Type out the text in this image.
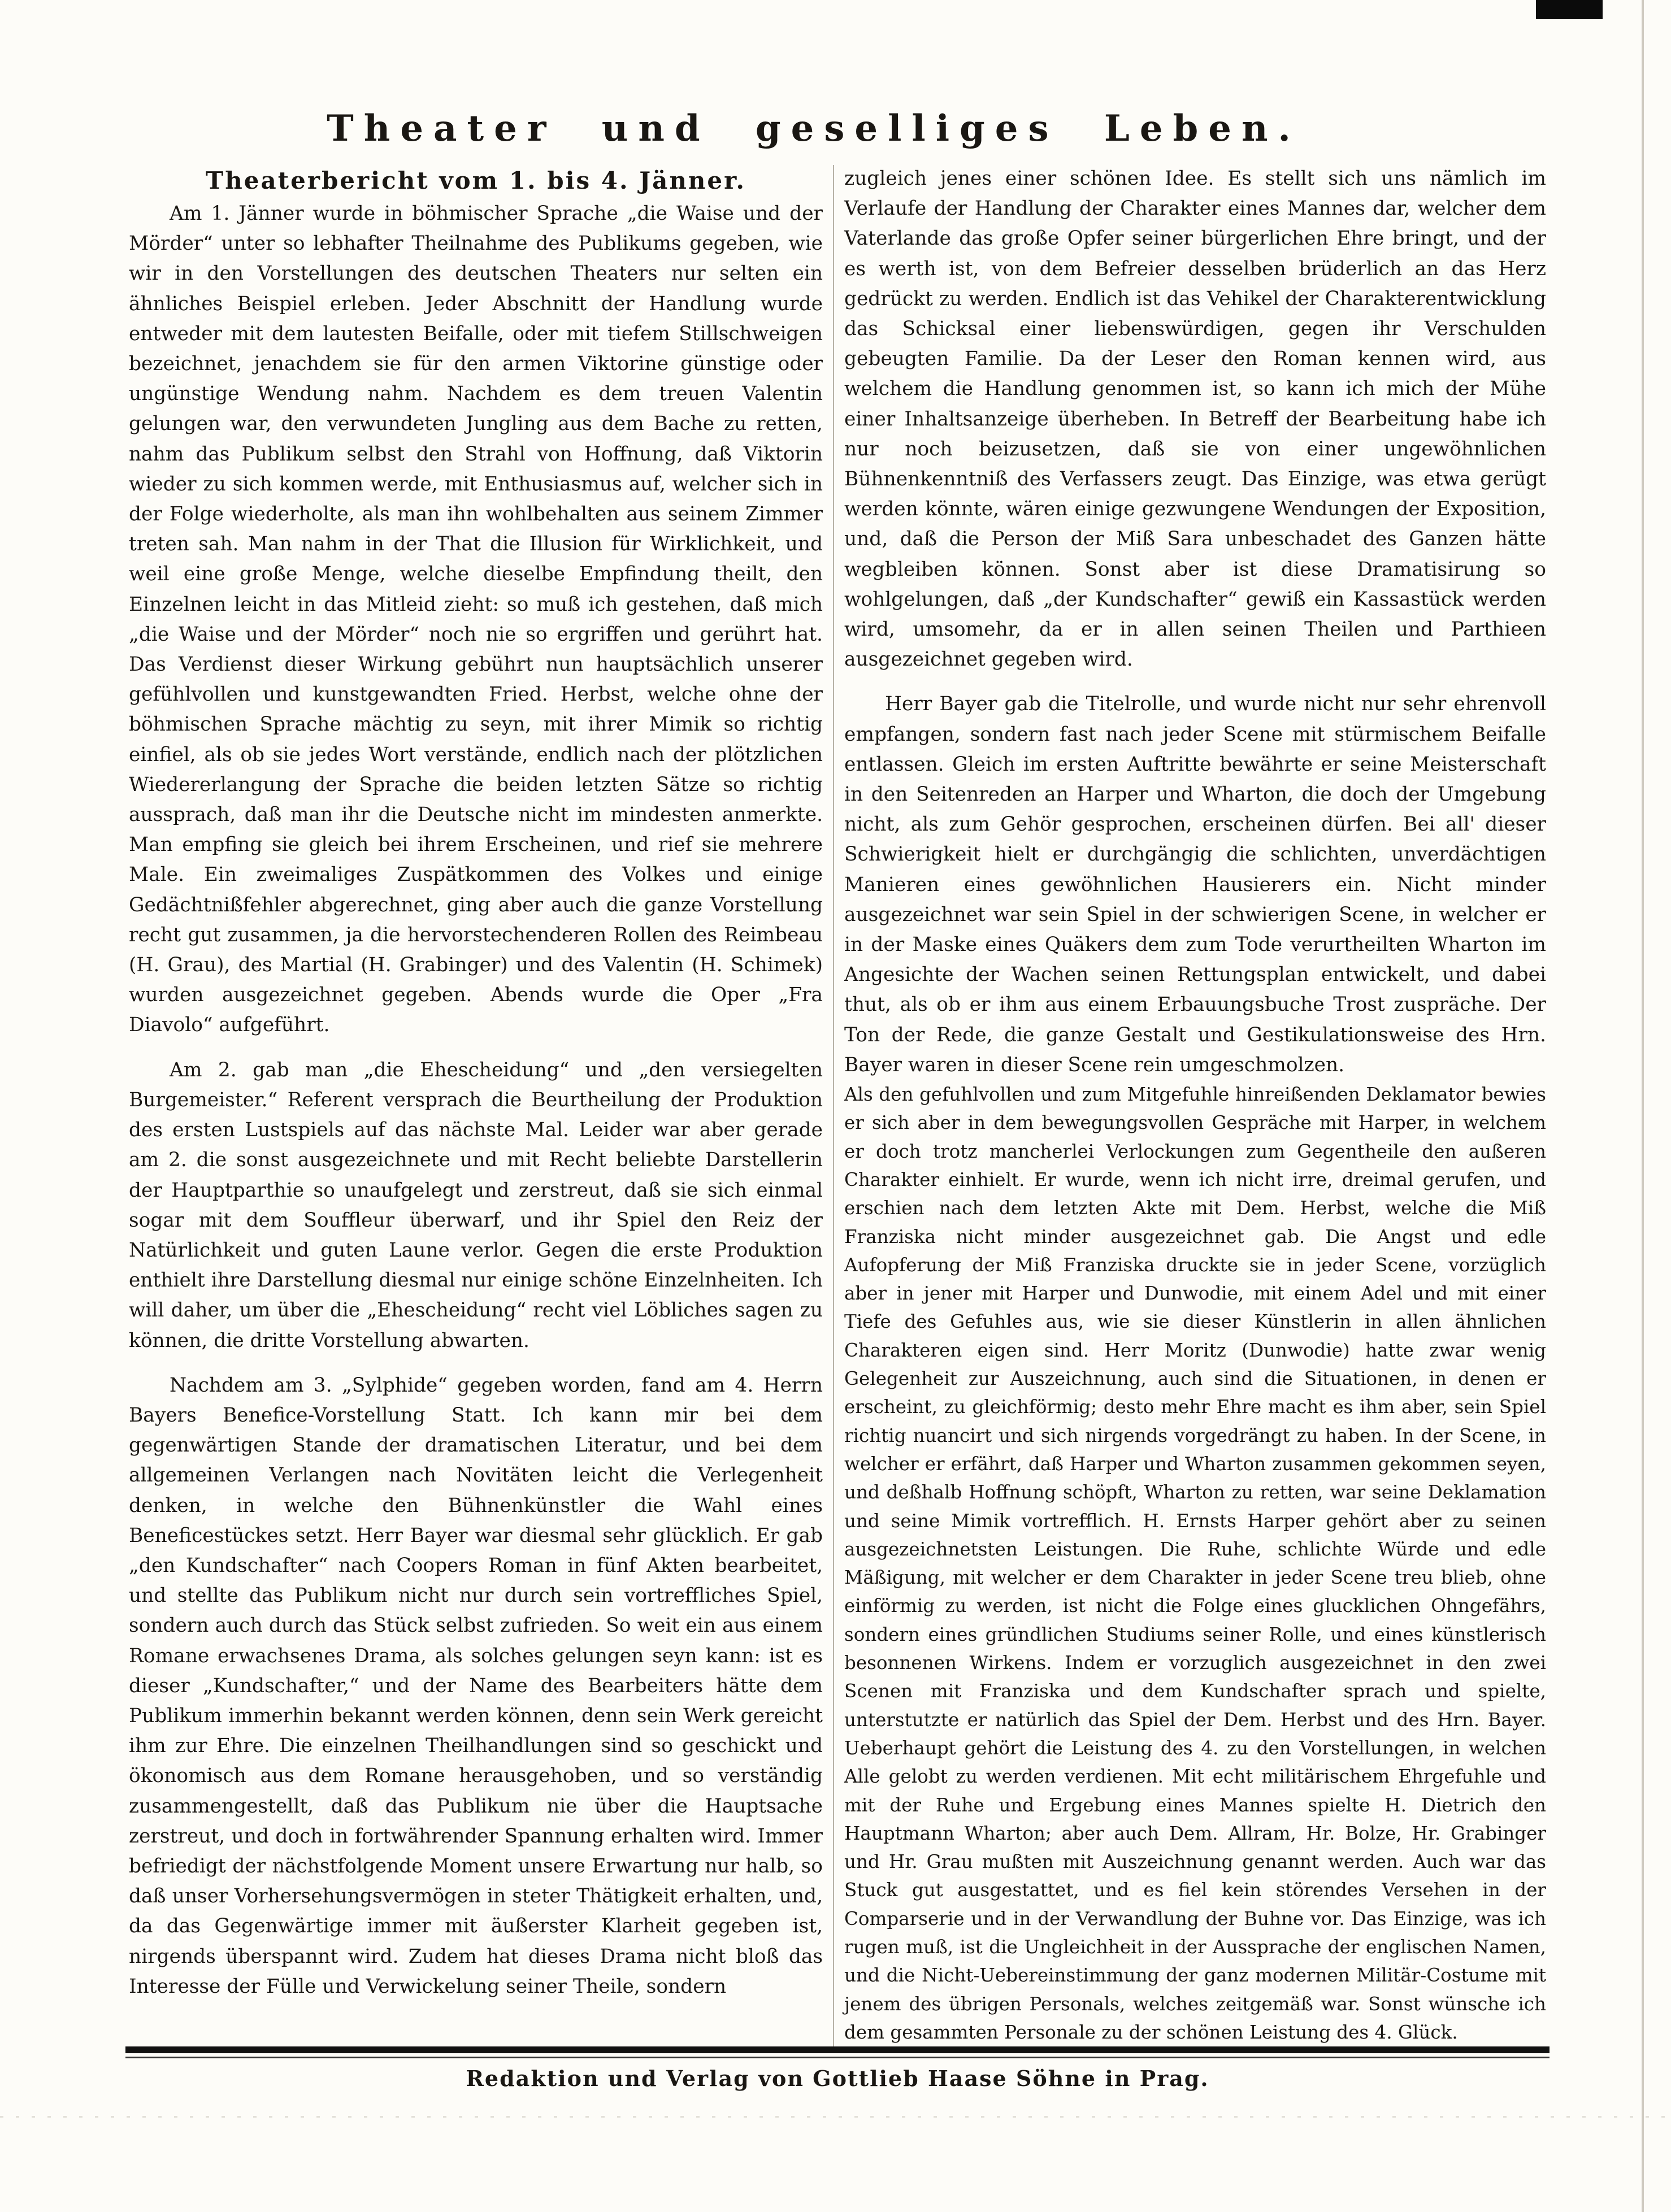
Theater und geselliges Leben.
Theaterbericht vom 1. bis 4. Jänner.

Am 1. Jänner wurde in böhmischer Sprache „die Waise und der Mörder“ unter so lebhafter Theilnahme des Publikums gegeben, wie wir in den Vorstellungen des deutschen Theaters nur selten ein ähnliches Beispiel erleben. Jeder Abschnitt der Handlung wurde entweder mit dem lautesten Beifalle, oder mit tiefem Stillschweigen bezeichnet, jenachdem sie für den armen Viktorine günstige oder ungünstige Wendung nahm. Nachdem es dem treuen Valentin gelungen war, den verwundeten Jungling aus dem Bache zu retten, nahm das Publikum selbst den Strahl von Hoffnung, daß Viktorin wieder zu sich kommen werde, mit Enthusiasmus auf, welcher sich in der Folge wiederholte, als man ihn wohlbehalten aus seinem Zimmer treten sah. Man nahm in der That die Illusion für Wirklichkeit, und weil eine große Menge, welche dieselbe Empfindung theilt, den Einzelnen leicht in das Mitleid zieht: so muß ich gestehen, daß mich „die Waise und der Mörder“ noch nie so ergriffen und gerührt hat. Das Verdienst dieser Wirkung gebührt nun hauptsächlich unserer gefühlvollen und kunstgewandten Fried. Herbst, welche ohne der böhmischen Sprache mächtig zu seyn, mit ihrer Mimik so richtig einfiel, als ob sie jedes Wort verstände, endlich nach der plötzlichen Wiedererlangung der Sprache die beiden letzten Sätze so richtig aussprach, daß man ihr die Deutsche nicht im mindesten anmerkte. Man empfing sie gleich bei ihrem Erscheinen, und rief sie mehrere Male. Ein zweimaliges Zuspätkommen des Volkes und einige Gedächtnißfehler abgerechnet, ging aber auch die ganze Vorstellung recht gut zusammen, ja die hervorstechenderen Rollen des Reimbeau (H. Grau), des Martial (H. Grabinger) und des Valentin (H. Schimek) wurden ausgezeichnet gegeben. Abends wurde die Oper „Fra Diavolo“ aufgeführt.

Am 2. gab man „die Ehescheidung“ und „den versiegelten Burgemeister.“ Referent versprach die Beurtheilung der Produktion des ersten Lustspiels auf das nächste Mal. Leider war aber gerade am 2. die sonst ausgezeichnete und mit Recht beliebte Darstellerin der Hauptparthie so unaufgelegt und zerstreut, daß sie sich einmal sogar mit dem Souffleur überwarf, und ihr Spiel den Reiz der Natürlichkeit und guten Laune verlor. Gegen die erste Produktion enthielt ihre Darstellung diesmal nur einige schöne Einzelnheiten. Ich will daher, um über die „Ehescheidung“ recht viel Löbliches sagen zu können, die dritte Vorstellung abwarten.

Nachdem am 3. „Sylphide“ gegeben worden, fand am 4. Herrn Bayers Benefice-Vorstellung Statt. Ich kann mir bei dem gegenwärtigen Stande der dramatischen Literatur, und bei dem allgemeinen Verlangen nach Novitäten leicht die Verlegenheit denken, in welche den Bühnenkünstler die Wahl eines Beneficestückes setzt. Herr Bayer war diesmal sehr glücklich. Er gab „den Kundschafter“ nach Coopers Roman in fünf Akten bearbeitet, und stellte das Publikum nicht nur durch sein vortreffliches Spiel, sondern auch durch das Stück selbst zufrieden. So weit ein aus einem Romane erwachsenes Drama, als solches gelungen seyn kann: ist es dieser „Kundschafter,“ und der Name des Bearbeiters hätte dem Publikum immerhin bekannt werden können, denn sein Werk gereicht ihm zur Ehre. Die einzelnen Theilhandlungen sind so geschickt und ökonomisch aus dem Romane herausgehoben, und so verständig zusammengestellt, daß das Publikum nie über die Hauptsache zerstreut, und doch in fortwährender Spannung erhalten wird. Immer befriedigt der nächstfolgende Moment unsere Erwartung nur halb, so daß unser Vorhersehungsvermögen in steter Thätigkeit erhalten, und, da das Gegenwärtige immer mit äußerster Klarheit gegeben ist, nirgends überspannt wird. Zudem hat dieses Drama nicht bloß das Interesse der Fülle und Verwickelung seiner Theile, sondern

zugleich jenes einer schönen Idee. Es stellt sich uns nämlich im Verlaufe der Handlung der Charakter eines Mannes dar, welcher dem Vaterlande das große Opfer seiner bürgerlichen Ehre bringt, und der es werth ist, von dem Befreier desselben brüderlich an das Herz gedrückt zu werden. Endlich ist das Vehikel der Charakterentwicklung das Schicksal einer liebenswürdigen, gegen ihr Verschulden gebeugten Familie. Da der Leser den Roman kennen wird, aus welchem die Handlung genommen ist, so kann ich mich der Mühe einer Inhaltsanzeige überheben. In Betreff der Bearbeitung habe ich nur noch beizusetzen, daß sie von einer ungewöhnlichen Bühnenkenntniß des Verfassers zeugt. Das Einzige, was etwa gerügt werden könnte, wären einige gezwungene Wendungen der Exposition, und, daß die Person der Miß Sara unbeschadet des Ganzen hätte wegbleiben können. Sonst aber ist diese Dramatisirung so wohlgelungen, daß „der Kundschafter“ gewiß ein Kassastück werden wird, umsomehr, da er in allen seinen Theilen und Parthieen ausgezeichnet gegeben wird.

Herr Bayer gab die Titelrolle, und wurde nicht nur sehr ehrenvoll empfangen, sondern fast nach jeder Scene mit stürmischem Beifalle entlassen. Gleich im ersten Auftritte bewährte er seine Meisterschaft in den Seitenreden an Harper und Wharton, die doch der Umgebung nicht, als zum Gehör gesprochen, erscheinen dürfen. Bei all' dieser Schwierigkeit hielt er durchgängig die schlichten, unverdächtigen Manieren eines gewöhnlichen Hausierers ein. Nicht minder ausgezeichnet war sein Spiel in der schwierigen Scene, in welcher er in der Maske eines Quäkers dem zum Tode verurtheilten Wharton im Angesichte der Wachen seinen Rettungsplan entwickelt, und dabei thut, als ob er ihm aus einem Erbauungsbuche Trost zuspräche. Der Ton der Rede, die ganze Gestalt und Gestikulationsweise des Hrn. Bayer waren in dieser Scene rein umgeschmolzen.

Als den gefuhlvollen und zum Mitgefuhle hinreißenden Deklamator bewies er sich aber in dem bewegungsvollen Gespräche mit Harper, in welchem er doch trotz mancherlei Verlockungen zum Gegentheile den außeren Charakter einhielt. Er wurde, wenn ich nicht irre, dreimal gerufen, und erschien nach dem letzten Akte mit Dem. Herbst, welche die Miß Franziska nicht minder ausgezeichnet gab. Die Angst und edle Aufopferung der Miß Franziska druckte sie in jeder Scene, vorzüglich aber in jener mit Harper und Dunwodie, mit einem Adel und mit einer Tiefe des Gefuhles aus, wie sie dieser Künstlerin in allen ähnlichen Charakteren eigen sind. Herr Moritz (Dunwodie) hatte zwar wenig Gelegenheit zur Auszeichnung, auch sind die Situationen, in denen er erscheint, zu gleichförmig; desto mehr Ehre macht es ihm aber, sein Spiel richtig nuancirt und sich nirgends vorgedrängt zu haben. In der Scene, in welcher er erfährt, daß Harper und Wharton zusammen gekommen seyen, und deßhalb Hoffnung schöpft, Wharton zu retten, war seine Deklamation und seine Mimik vortrefflich. H. Ernsts Harper gehört aber zu seinen ausgezeichnetsten Leistungen. Die Ruhe, schlichte Würde und edle Mäßigung, mit welcher er dem Charakter in jeder Scene treu blieb, ohne einförmig zu werden, ist nicht die Folge eines glucklichen Ohngefährs, sondern eines gründlichen Studiums seiner Rolle, und eines künstlerisch besonnenen Wirkens. Indem er vorzuglich ausgezeichnet in den zwei Scenen mit Franziska und dem Kundschafter sprach und spielte, unterstutzte er natürlich das Spiel der Dem. Herbst und des Hrn. Bayer. Ueberhaupt gehört die Leistung des 4. zu den Vorstellungen, in welchen Alle gelobt zu werden verdienen. Mit echt militärischem Ehrgefuhle und mit der Ruhe und Ergebung eines Mannes spielte H. Dietrich den Hauptmann Wharton; aber auch Dem. Allram, Hr. Bolze, Hr. Grabinger und Hr. Grau mußten mit Auszeichnung genannt werden. Auch war das Stuck gut ausgestattet, und es fiel kein störendes Versehen in der Comparserie und in der Verwandlung der Buhne vor. Das Einzige, was ich rugen muß, ist die Ungleichheit in der Aussprache der englischen Namen, und die Nicht-Uebereinstimmung der ganz modernen Militär-Costume mit jenem des übrigen Personals, welches zeitgemäß war. Sonst wünsche ich dem gesammten Personale zu der schönen Leistung des 4. Glück.

Redaktion und Verlag von Gottlieb Haase Söhne in Prag.
